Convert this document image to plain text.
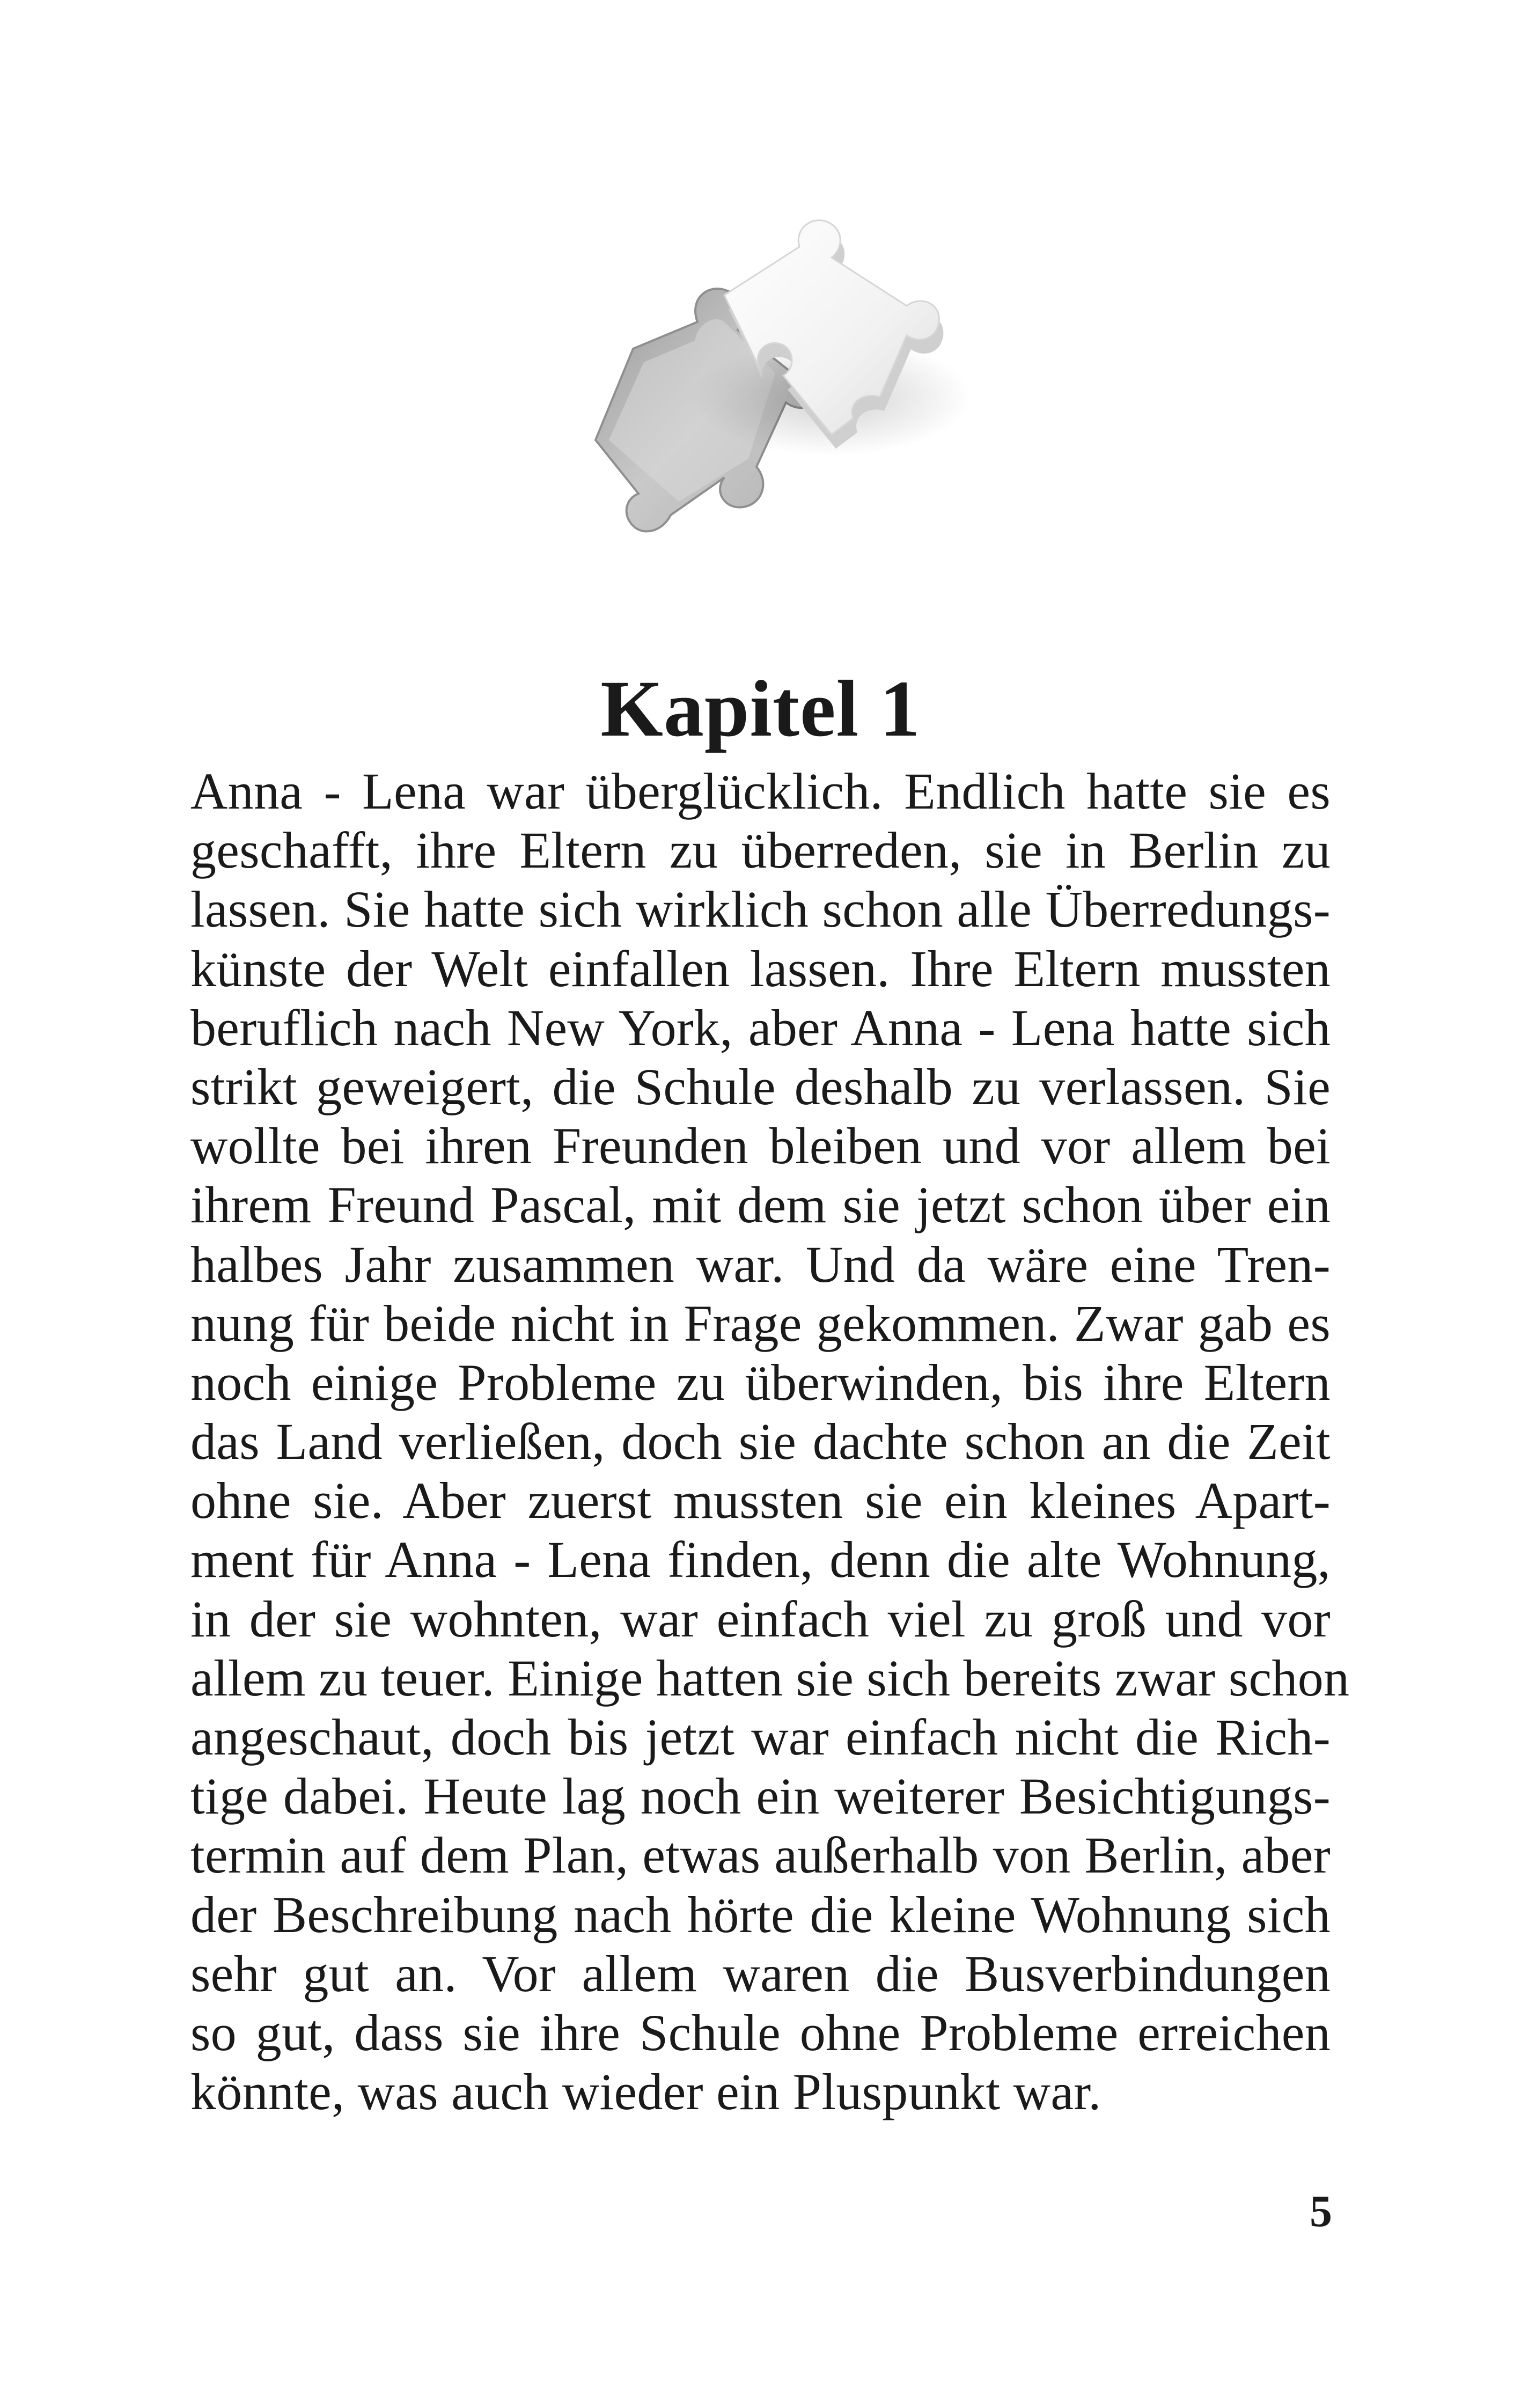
Kapitel 1
Anna - Lena war überglücklich. Endlich hatte sie es
geschafft, ihre Eltern zu überreden, sie in Berlin zu
lassen. Sie hatte sich wirklich schon alle Überredungs-
künste der Welt einfallen lassen. Ihre Eltern mussten
beruflich nach New York, aber Anna - Lena hatte sich
strikt geweigert, die Schule deshalb zu verlassen. Sie
wollte bei ihren Freunden bleiben und vor allem bei
ihrem Freund Pascal, mit dem sie jetzt schon über ein
halbes Jahr zusammen war. Und da wäre eine Tren-
nung für beide nicht in Frage gekommen. Zwar gab es
noch einige Probleme zu überwinden, bis ihre Eltern
das Land verließen, doch sie dachte schon an die Zeit
ohne sie. Aber zuerst mussten sie ein kleines Apart-
ment für Anna - Lena finden, denn die alte Wohnung,
in der sie wohnten, war einfach viel zu groß und vor
allem zu teuer. Einige hatten sie sich bereits zwar schon
angeschaut, doch bis jetzt war einfach nicht die Rich-
tige dabei. Heute lag noch ein weiterer Besichtigungs-
termin auf dem Plan, etwas außerhalb von Berlin, aber
der Beschreibung nach hörte die kleine Wohnung sich
sehr gut an. Vor allem waren die Busverbindungen
so gut, dass sie ihre Schule ohne Probleme erreichen
könnte, was auch wieder ein Pluspunkt war.
5
